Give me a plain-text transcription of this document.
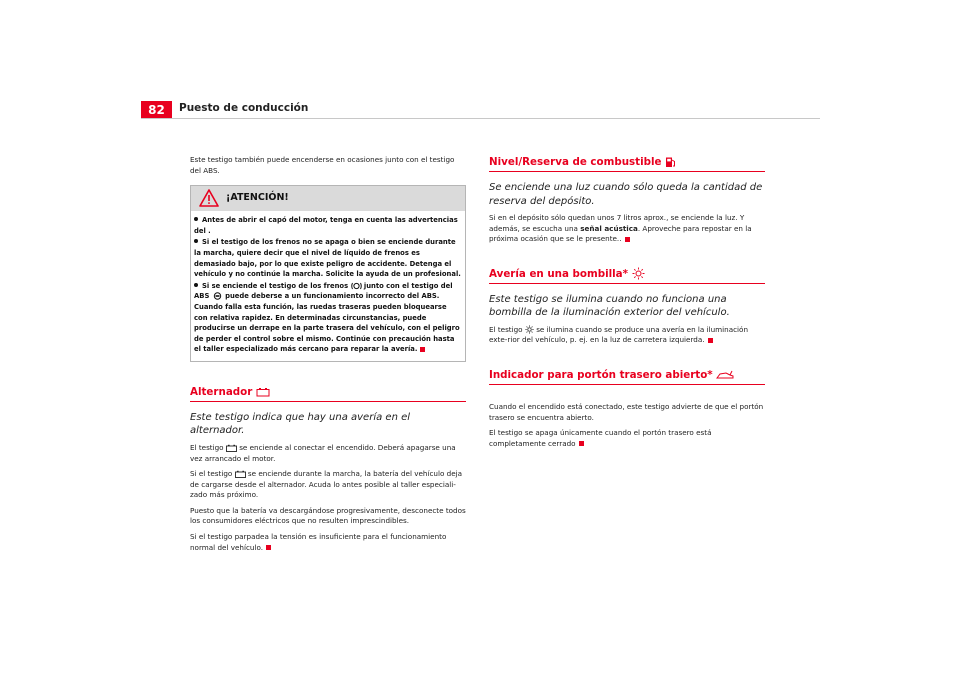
82	Puesto de conducción

Este testigo también puede encenderse en ocasiones junto con el testigo del ABS.

¡ATENCIÓN!
Antes de abrir el capó del motor, tenga en cuenta las advertencias del .
Si el testigo de los frenos no se apaga o bien se enciende durante la marcha, quiere decir que el nivel de líquido de frenos es demasiado bajo, por lo que existe peligro de accidente. Detenga el vehículo y no continúe la marcha. Solicite la ayuda de un profesional.
Si se enciende el testigo de los frenos junto con el testigo del ABS puede deberse a un funcionamiento incorrecto del ABS. Cuando falla esta función, las ruedas traseras pueden bloquearse con relativa rapidez. En determinadas circunstancias, puede producirse un derrape en la parte trasera del vehículo, con el peligro de perder el control sobre el mismo. Continúe con precaución hasta el taller especializado más cercano para reparar la avería.
Alternador

Este testigo indica que hay una avería en el alternador.

El testigo se enciende al conectar el encendido. Deberá apagarse una vez arrancado el motor.

Si el testigo se enciende durante la marcha, la batería del vehículo deja de cargarse desde el alternador. Acuda lo antes posible al taller especiali-zado más próximo.

Puesto que la batería va descargándose progresivamente, desconecte todos los consumidores eléctricos que no resulten imprescindibles.

Si el testigo parpadea la tensión es insuficiente para el funcionamiento normal del vehículo.

Nivel/Reserva de combustible

Se enciende una luz cuando sólo queda la cantidad de reserva del depósito.

Si en el depósito sólo quedan unos 7 litros aprox., se enciende la luz. Y además, se escucha una señal acústica. Aproveche para repostar en la próxima ocasión que se le presente..

Avería en una bombilla*

Este testigo se ilumina cuando no funciona una bombilla de la iluminación exterior del vehículo.

El testigo se ilumina cuando se produce una avería en la iluminación exte-rior del vehículo, p. ej. en la luz de carretera izquierda.

Indicador para portón trasero abierto*

Cuando el encendido está conectado, este testigo advierte de que el portón trasero se encuentra abierto.

El testigo se apaga únicamente cuando el portón trasero está completamente cerrado
